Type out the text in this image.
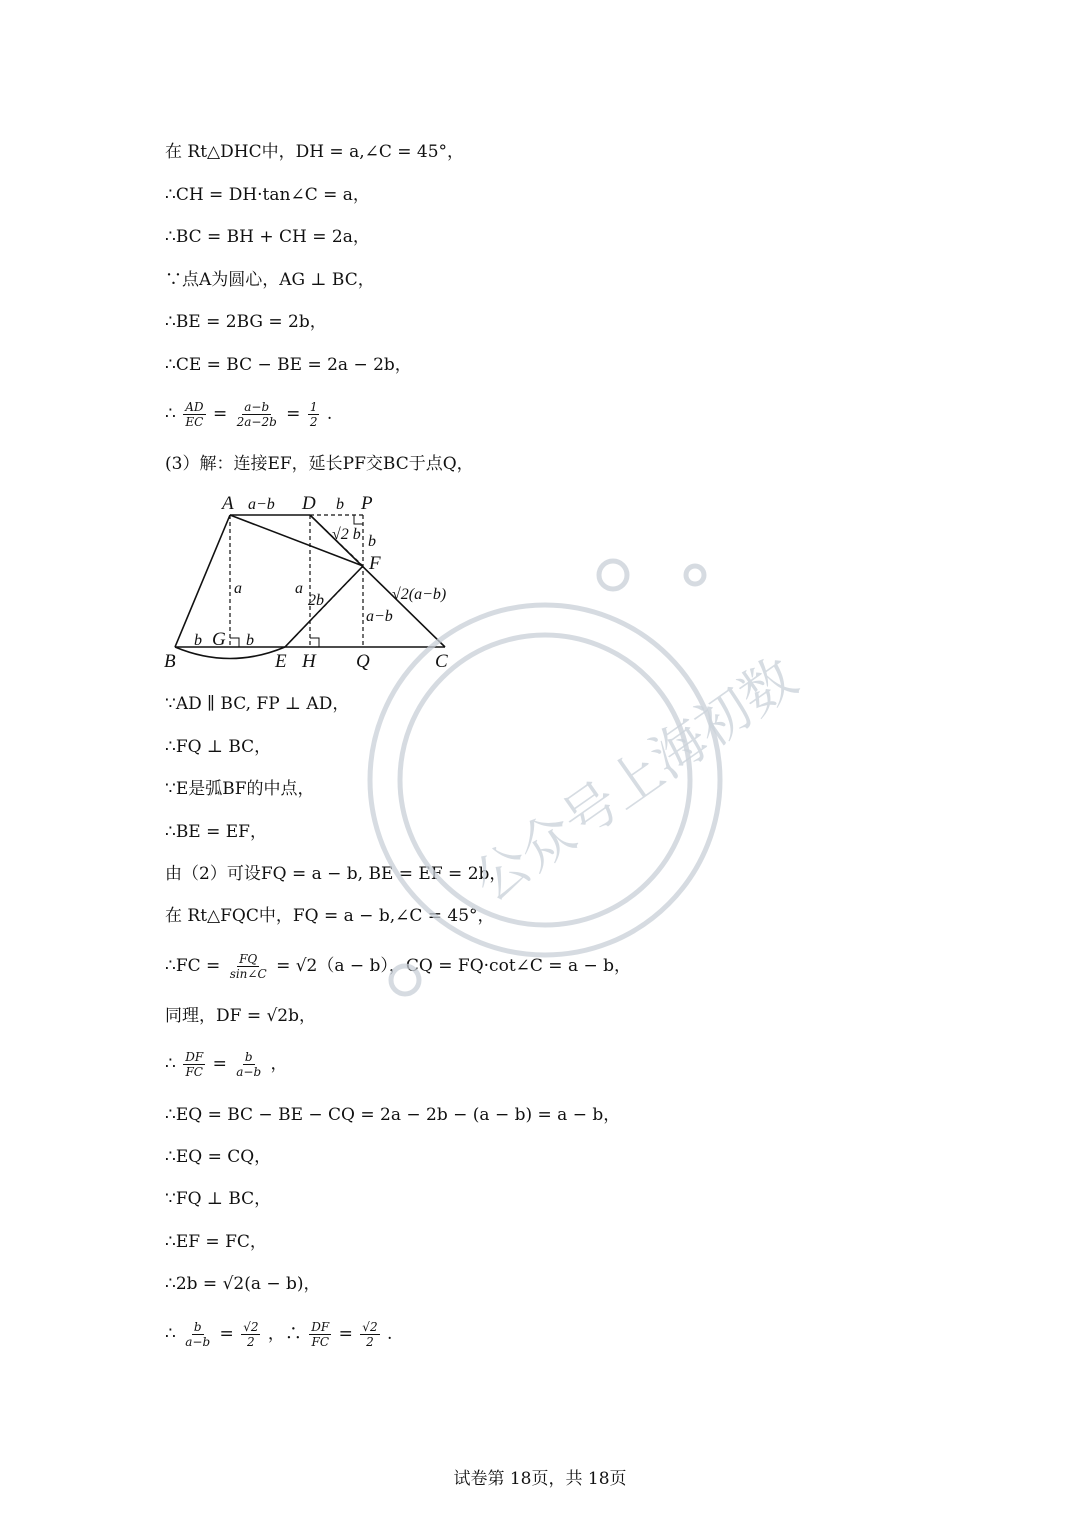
在 Rt△DHC中，DH = a,∠C = 45°，
∴CH = DH·tan∠C = a，
∴BC = BH + CH = 2a，
∵点A为圆心，AG ⊥ BC，
∴BE = 2BG = 2b，
∴CE = BC − BE = 2a − 2b，
∴ $\frac{AD}{EC} = \frac{a-b}{2a-2b} = \frac{1}{2}$ .
(3）解：连接EF，延长PF交BC于点Q，
A	D P
F
B
G
E H Q	C
a−b	b
√2 b b
a	a
2b	√2(a−b)
a−b
b	b
∵AD ∥ BC, FP ⊥ AD，
∴FQ ⊥ BC，
∵E是弧BF的中点，
∴BE = EF，
由（2）可设FQ = a − b, BE = EF = 2b，
在 Rt△FQC中，FQ = a − b,∠C = 45°，
∴FC = $\frac{FQ}{\sin\angle C} = √2(a - b)$，CQ = FQ·cot∠C = a − b，
同理，DF = √2b，
∴ $\frac{DF}{FC} = \frac{b}{a-b}$ ，
∴EQ = BC − BE − CQ = 2a − 2b − (a − b) = a − b，
∴EQ = CQ，
∵FQ ⊥ BC，
∴EF = FC，
∴2b = √2(a − b)，
∴ $\frac{b}{a-b} = \frac{√2}{2}$ ，∴ $\frac{DF}{FC} = \frac{√2}{2}$ .
公众号上海初数
试卷第 18页，共 18页
